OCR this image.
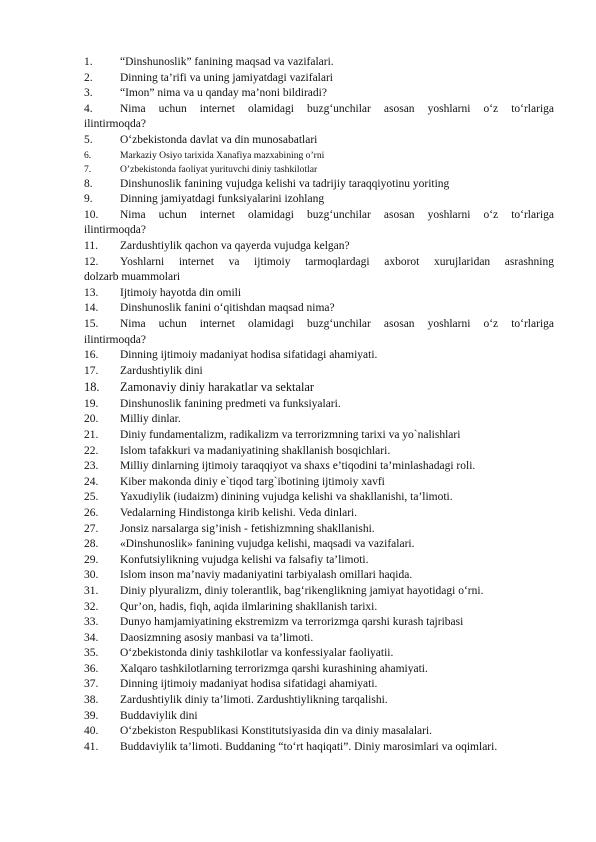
1.	“Dinshunoslik” fanining maqsad va vazifalari.
2.	Dinning ta’rifi va uning jamiyatdagi vazifalari
3.	“Imon” nima va u qanday ma’noni bildiradi?
4.	Nima uchun internet olamidagi buzg‘unchilar asosan yoshlarni o‘z to‘rlariga
ilintirmoqda?
5.	O‘zbekistonda davlat va din munosabatlari
6.	Markaziy Osiyo tarixida Xanafiya mazxabining o’rni
7.	O’zbekistonda faoliyat yurituvchi diniy tashkilotlar
8.	Dinshunoslik fanining vujudga kelishi va tadrijiy taraqqiyotinu yoriting
9.	Dinning jamiyatdagi funksiyalarini izohlang
10.	Nima uchun internet olamidagi buzg‘unchilar asosan yoshlarni o‘z to‘rlariga
ilintirmoqda?
11.	Zardushtiylik qachon va qayerda vujudga kelgan?
12.	Yoshlarni internet va ijtimoiy tarmoqlardagi axborot xurujlaridan asrashning
dolzarb muammolari
13.	Ijtimoiy hayotda din omili
14.	Dinshunoslik fanini o‘qitishdan maqsad nima?
15.	Nima uchun internet olamidagi buzg‘unchilar asosan yoshlarni o‘z to‘rlariga
ilintirmoqda?
16.	Dinning ijtimoiy madaniyat hodisa sifatidagi ahamiyati.
17.	Zardushtiylik dini
18.	Zamonaviy diniy harakatlar va sektalar
19.	Dinshunoslik fanining predmeti va funksiyalari.
20.	Milliy dinlar.
21.	Diniy fundamentalizm, radikalizm va terrorizmning tarixi va yo`nalishlari
22.	Islom tafakkuri va madaniyatining shakllanish bosqichlari.
23.	Milliy dinlarning ijtimoiy taraqqiyot va shaxs e’tiqodini ta’minlashadagi roli.
24.	Kiber makonda diniy e`tiqod targ`ibotining ijtimoiy xavfi
25.	Yaxudiylik (iudaizm) dinining vujudga kelishi va shakllanishi, ta’limoti.
26.	Vedalarning Hindistonga kirib kelishi. Veda dinlari.
27.	Jonsiz narsalarga sig’inish - fetishizmning shakllanishi.
28.	«Dinshunoslik» fanining vujudga kelishi, maqsadi va vazifalari.
29.	Konfutsiylikning vujudga kelishi va falsafiy ta’limoti.
30.	Islom inson ma’naviy madaniyatini tarbiyalash omillari haqida.
31.	Diniy plyuralizm, diniy tolerantlik, bag‘rikenglikning jamiyat hayotidagi o‘rni.
32.	Qur’on, hadis, fiqh, aqida ilmlarining shakllanish tarixi.
33.	Dunyo hamjamiyatining ekstremizm va terrorizmga qarshi kurash tajribasi
34.	Daosizmning asosiy manbasi va ta’limoti.
35.	O‘zbekistonda diniy tashkilotlar va konfessiyalar faoliyatii.
36.	Xalqaro tashkilotlarning terrorizmga qarshi kurashining ahamiyati.
37.	Dinning ijtimoiy madaniyat hodisa sifatidagi ahamiyati.
38.	Zardushtiylik diniy ta’limoti. Zardushtiylikning tarqalishi.
39.	Buddaviylik dini
40.	O‘zbekiston Respublikasi Konstitutsiyasida din va diniy masalalari.
41.	Buddaviylik ta’limoti. Buddaning “to‘rt haqiqati”. Diniy marosimlari va oqimlari.
